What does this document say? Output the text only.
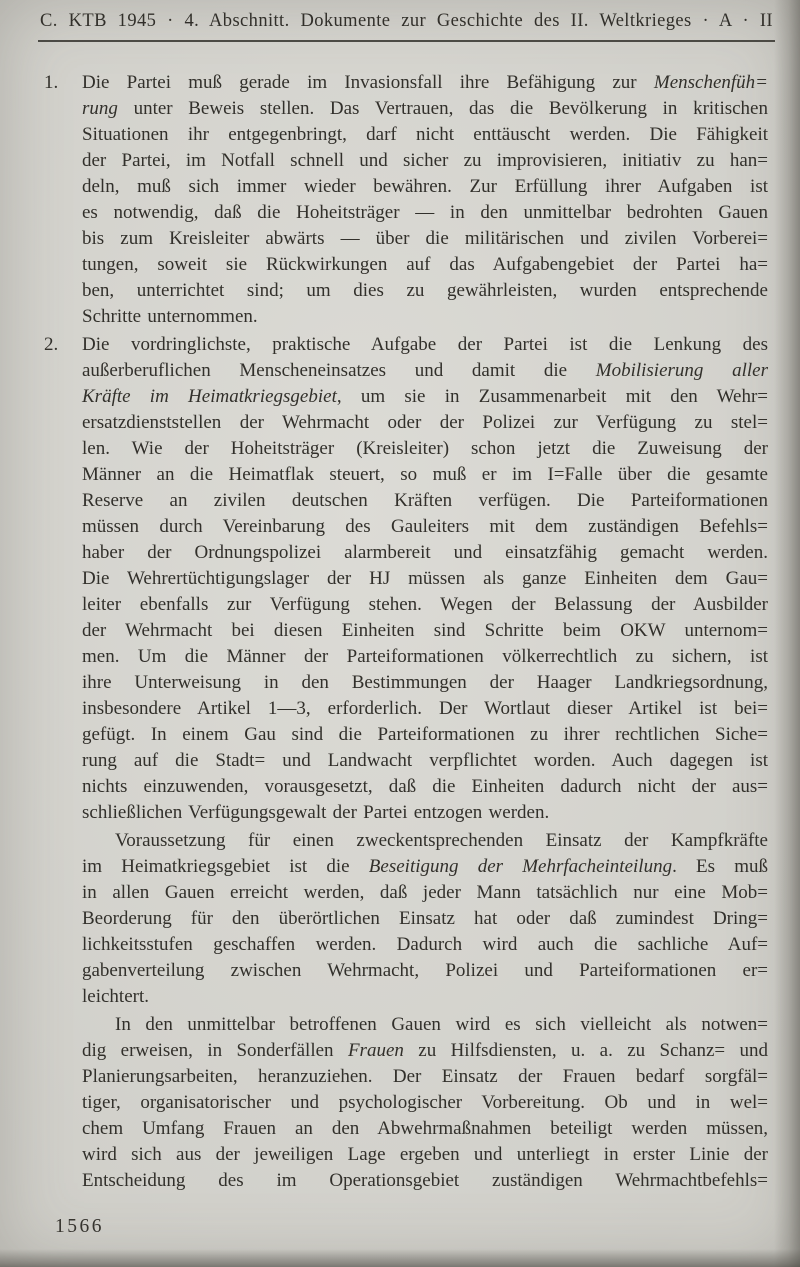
C. KTB 1945 · 4. Abschnitt. Dokumente zur Geschichte des II. Weltkrieges · A · II
1.	Die Partei muß gerade im Invasionsfall ihre Befähigung zur Menschenfüh=
rung unter Beweis stellen. Das Vertrauen, das die Bevölkerung in kritischen
Situationen ihr entgegenbringt, darf nicht enttäuscht werden. Die Fähigkeit
der Partei, im Notfall schnell und sicher zu improvisieren, initiativ zu han=
deln, muß sich immer wieder bewähren. Zur Erfüllung ihrer Aufgaben ist
es notwendig, daß die Hoheitsträger — in den unmittelbar bedrohten Gauen
bis zum Kreisleiter abwärts — über die militärischen und zivilen Vorberei=
tungen, soweit sie Rückwirkungen auf das Aufgabengebiet der Partei ha=
ben, unterrichtet sind; um dies zu gewährleisten, wurden entsprechende
Schritte unternommen.
2.	Die vordringlichste, praktische Aufgabe der Partei ist die Lenkung des
außerberuflichen Menscheneinsatzes und damit die Mobilisierung aller
Kräfte im Heimatkriegsgebiet, um sie in Zusammenarbeit mit den Wehr=
ersatzdienststellen der Wehrmacht oder der Polizei zur Verfügung zu stel=
len. Wie der Hoheitsträger (Kreisleiter) schon jetzt die Zuweisung der
Männer an die Heimatflak steuert, so muß er im I=Falle über die gesamte
Reserve an zivilen deutschen Kräften verfügen. Die Parteiformationen
müssen durch Vereinbarung des Gauleiters mit dem zuständigen Befehls=
haber der Ordnungspolizei alarmbereit und einsatzfähig gemacht werden.
Die Wehrertüchtigungslager der HJ müssen als ganze Einheiten dem Gau=
leiter ebenfalls zur Verfügung stehen. Wegen der Belassung der Ausbilder
der Wehrmacht bei diesen Einheiten sind Schritte beim OKW unternom=
men. Um die Männer der Parteiformationen völkerrechtlich zu sichern, ist
ihre Unterweisung in den Bestimmungen der Haager Landkriegsordnung,
insbesondere Artikel 1—3, erforderlich. Der Wortlaut dieser Artikel ist bei=
gefügt. In einem Gau sind die Parteiformationen zu ihrer rechtlichen Siche=
rung auf die Stadt= und Landwacht verpflichtet worden. Auch dagegen ist
nichts einzuwenden, vorausgesetzt, daß die Einheiten dadurch nicht der aus=
schließlichen Verfügungsgewalt der Partei entzogen werden.
Voraussetzung für einen zweckentsprechenden Einsatz der Kampfkräfte
im Heimatkriegsgebiet ist die Beseitigung der Mehrfacheinteilung. Es muß
in allen Gauen erreicht werden, daß jeder Mann tatsächlich nur eine Mob=
Beorderung für den überörtlichen Einsatz hat oder daß zumindest Dring=
lichkeitsstufen geschaffen werden. Dadurch wird auch die sachliche Auf=
gabenverteilung zwischen Wehrmacht, Polizei und Parteiformationen er=
leichtert.
In den unmittelbar betroffenen Gauen wird es sich vielleicht als notwen=
dig erweisen, in Sonderfällen Frauen zu Hilfsdiensten, u. a. zu Schanz= und
Planierungsarbeiten, heranzuziehen. Der Einsatz der Frauen bedarf sorgfäl=
tiger, organisatorischer und psychologischer Vorbereitung. Ob und in wel=
chem Umfang Frauen an den Abwehrmaßnahmen beteiligt werden müssen,
wird sich aus der jeweiligen Lage ergeben und unterliegt in erster Linie der
Entscheidung des im Operationsgebiet zuständigen Wehrmachtbefehls=
1566
